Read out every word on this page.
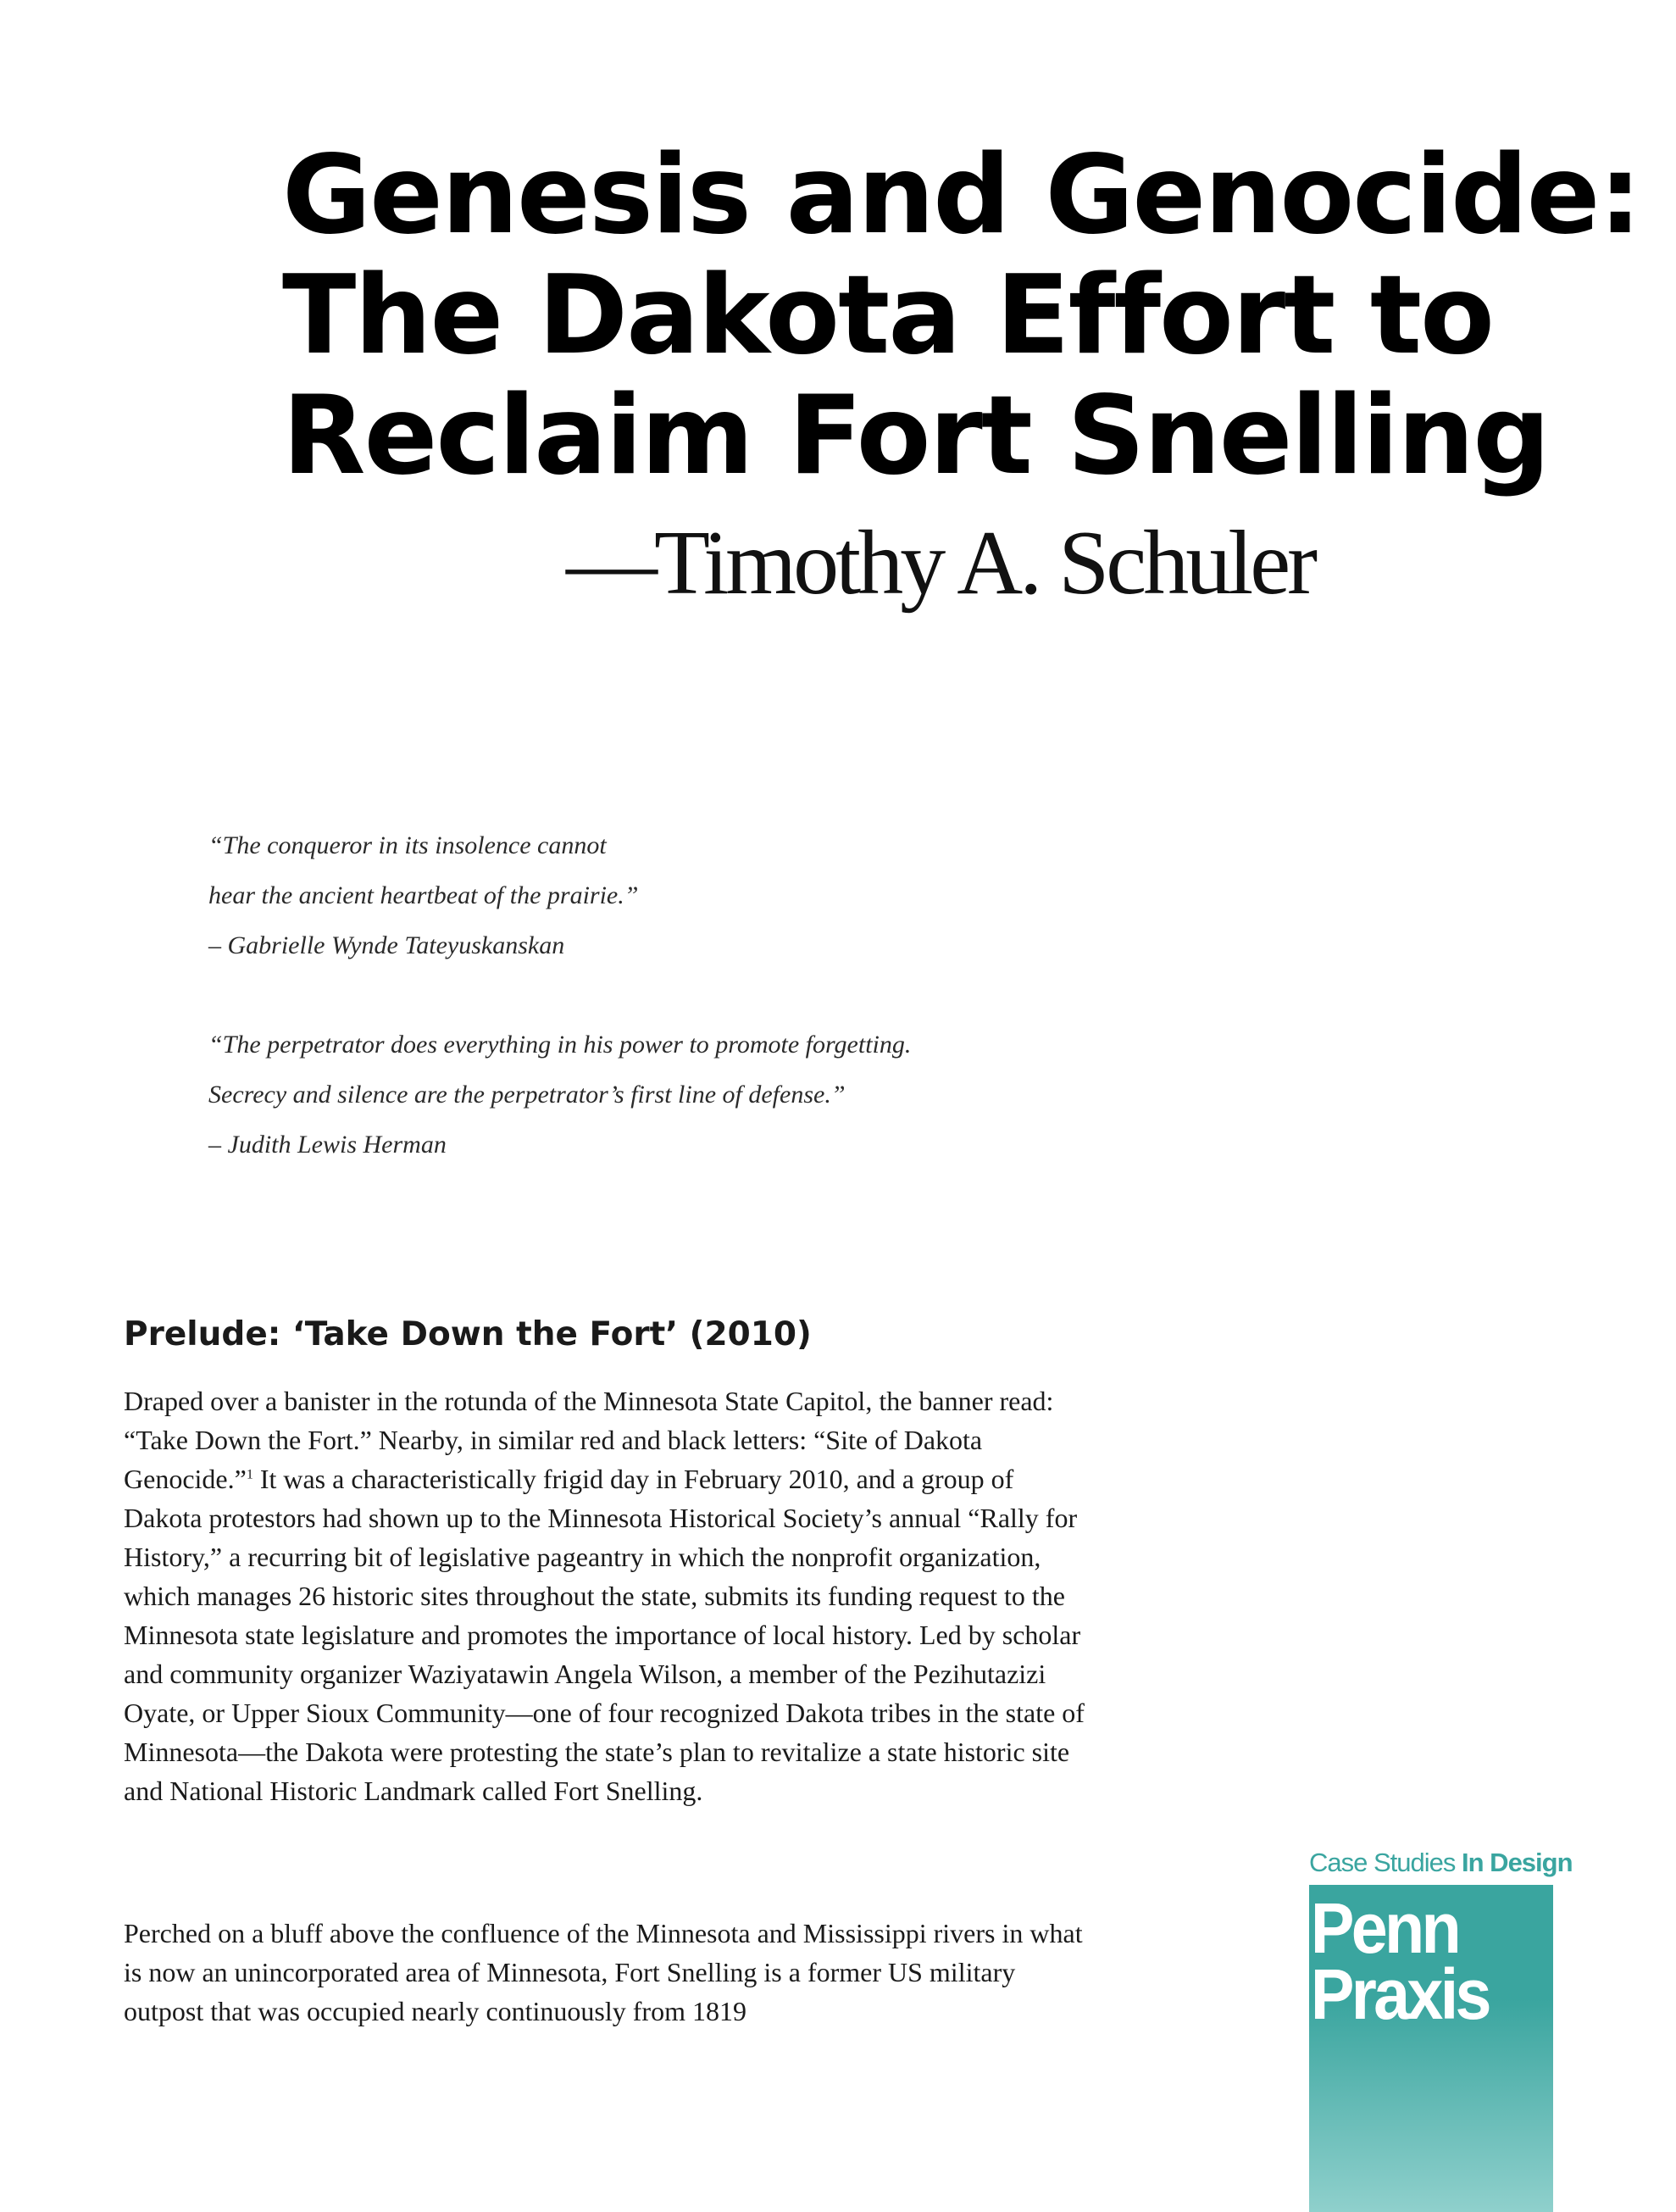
Genesis and Genocide:
The Dakota Effort to
Reclaim Fort Snelling
—Timothy A. Schuler

“The conqueror in its insolence cannot

hear the ancient heartbeat of the prairie.”

– Gabrielle Wynde Tateyuskanskan

“The perpetrator does everything in his power to promote forgetting.

Secrecy and silence are the perpetrator’s first line of defense.”

– Judith Lewis Herman

Prelude: ‘Take Down the Fort’ (2010)

Draped over a banister in the rotunda of the Minnesota State Capitol, the banner read: “Take Down the Fort.” Nearby, in similar red and black letters: “Site of Dakota Genocide.”$^1$ It was a characteristically frigid day in February 2010, and a group of Dakota protestors had shown up to the Minnesota Historical Society’s annual “Rally for History,” a recurring bit of legislative pageantry in which the nonprofit organization, which manages 26 historic sites throughout the state, submits its funding request to the Minnesota state legislature and promotes the importance of local history. Led by scholar and community organizer Waziyatawin Angela Wilson, a member of the Pezihutazizi Oyate, or Upper Sioux Community—one of four recognized Dakota tribes in the state of Minnesota—the Dakota were protesting the state’s plan to revitalize a state historic site and National Historic Landmark called Fort Snelling.

Perched on a bluff above the confluence of the Minnesota and Mississippi rivers in what is now an unincorporated area of Minnesota, Fort Snelling is a former US military outpost that was occupied nearly continuously from 1819

Case Studies In Design
Penn
Praxis
